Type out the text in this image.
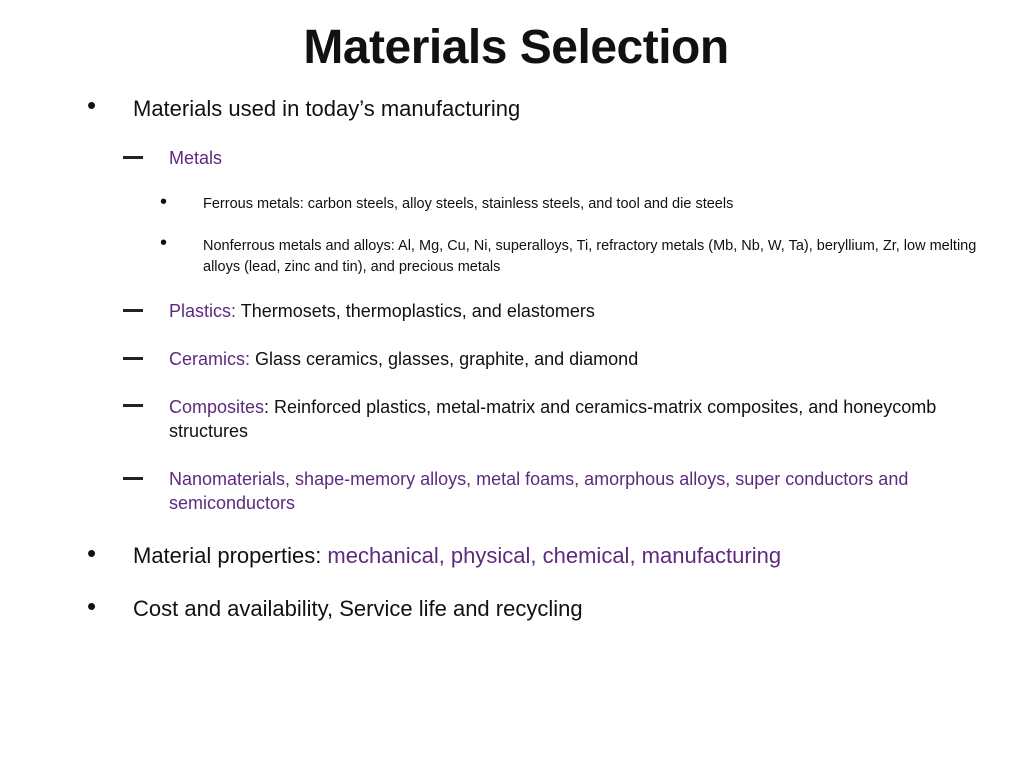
Materials Selection
• Materials used in today’s manufacturing
Metals
• Ferrous metals: carbon steels, alloy steels, stainless steels, and tool and die steels
• Nonferrous metals and alloys: Al, Mg, Cu, Ni, superalloys, Ti, refractory metals (Mb, Nb, W, Ta), beryllium, Zr, low melting alloys (lead, zinc and tin), and precious metals
Plastics: Thermosets, thermoplastics, and elastomers
Ceramics: Glass ceramics, glasses, graphite, and diamond
Composites: Reinforced plastics, metal-matrix and ceramics-matrix composites, and honeycomb structures
Nanomaterials, shape-memory alloys, metal foams, amorphous alloys, super conductors and semiconductors
• Material properties: mechanical, physical, chemical, manufacturing
• Cost and availability, Service life and recycling
